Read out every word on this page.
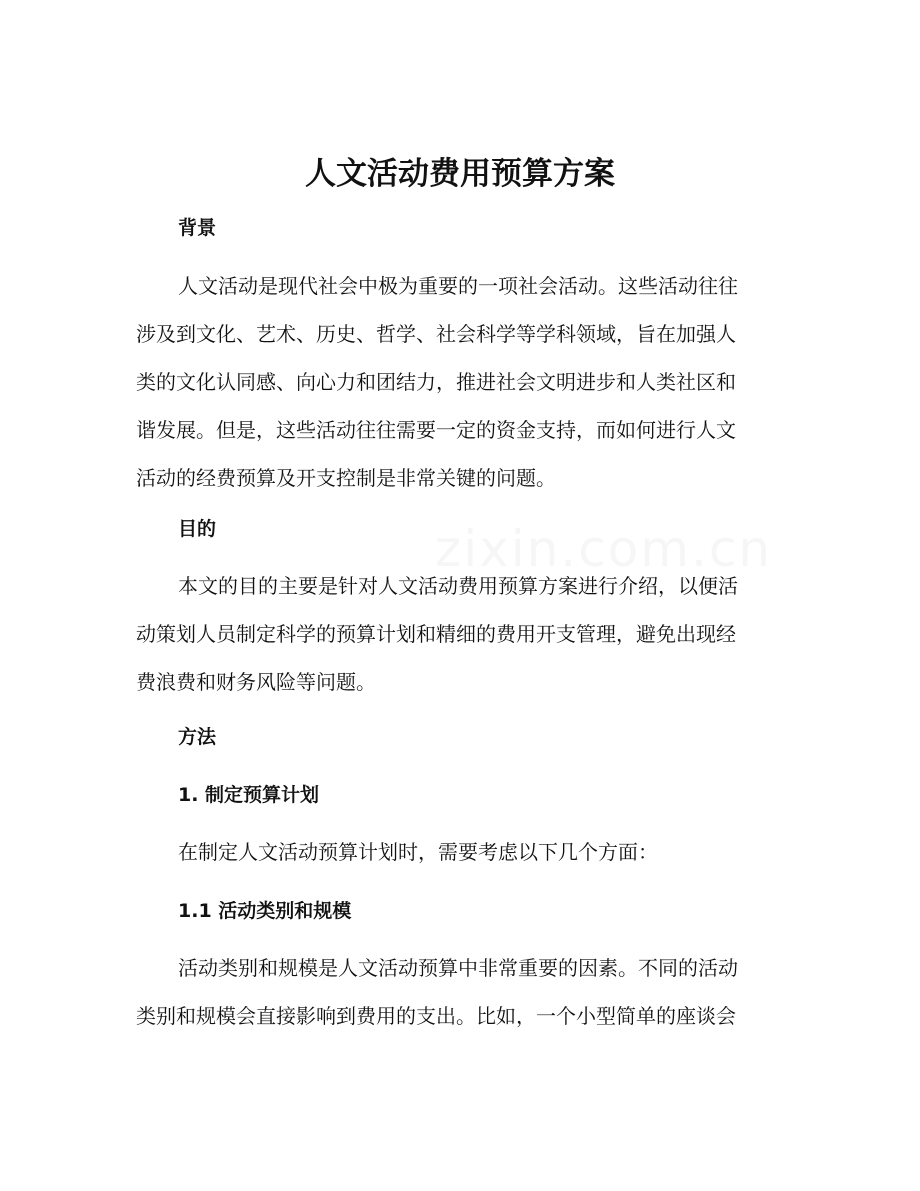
zixin.com.cn
人文活动费用预算方案
背景
人文活动是现代社会中极为重要的一项社会活动。这些活动往往
涉及到文化、艺术、历史、哲学、社会科学等学科领域，旨在加强人
类的文化认同感、向心力和团结力，推进社会文明进步和人类社区和
谐发展。但是，这些活动往往需要一定的资金支持，而如何进行人文
活动的经费预算及开支控制是非常关键的问题。
目的
本文的目的主要是针对人文活动费用预算方案进行介绍，以便活
动策划人员制定科学的预算计划和精细的费用开支管理，避免出现经
费浪费和财务风险等问题。
方法
1. 制定预算计划
在制定人文活动预算计划时，需要考虑以下几个方面：
1.1 活动类别和规模
活动类别和规模是人文活动预算中非常重要的因素。不同的活动
类别和规模会直接影响到费用的支出。比如，一个小型简单的座谈会
